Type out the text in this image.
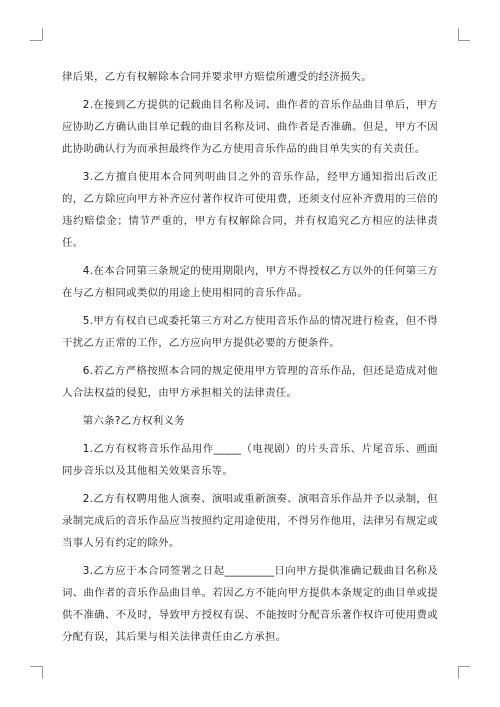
律后果，乙方有权解除本合同并要求甲方赔偿所遭受的经济损失。

2.在接到乙方提供的记载曲目名称及词、曲作者的音乐作品曲目单后，甲方应协助乙方确认曲目单记载的曲目名称及词、曲作者是否准确。但是，甲方不因此协助确认行为而承担最终作为乙方使用音乐作品的曲目单失实的有关责任。

3.乙方擅自使用本合同列明曲目之外的音乐作品，经甲方通知指出后改正的，乙方除应向甲方补齐应付著作权许可使用费，还须支付应补齐费用的三倍的违约赔偿金；情节严重的，甲方有权解除合同，并有权追究乙方相应的法律责任。

4.在本合同第三条规定的使用期限内，甲方不得授权乙方以外的任何第三方在与乙方相同或类似的用途上使用相同的音乐作品。

5.甲方有权自已或委托第三方对乙方使用音乐作品的情况进行检查，但不得干扰乙方正常的工作，乙方应向甲方提供必要的方便条件。

6.若乙方严格按照本合同的规定使用甲方管理的音乐作品，但还是造成对他人合法权益的侵犯，由甲方承担相关的法律责任。

第六条?乙方权利义务

1.乙方有权将音乐作品用作_____（电视剧）的片头音乐、片尾音乐、画面同步音乐以及其他相关效果音乐等。

2.乙方有权聘用他人演奏、演唱或重新演奏、演唱音乐作品并予以录制，但录制完成后的音乐作品应当按照约定用途使用，不得另作他用，法律另有规定或当事人另有约定的除外。

3.乙方应于本合同签署之日起_________日向甲方提供准确记载曲目名称及词、曲作者的音乐作品曲目单。若因乙方不能向甲方提供本条规定的曲目单或提供不准确、不及时，导致甲方授权有误、不能按时分配音乐著作权许可使用费或分配有误，其后果与相关法律责任由乙方承担。
